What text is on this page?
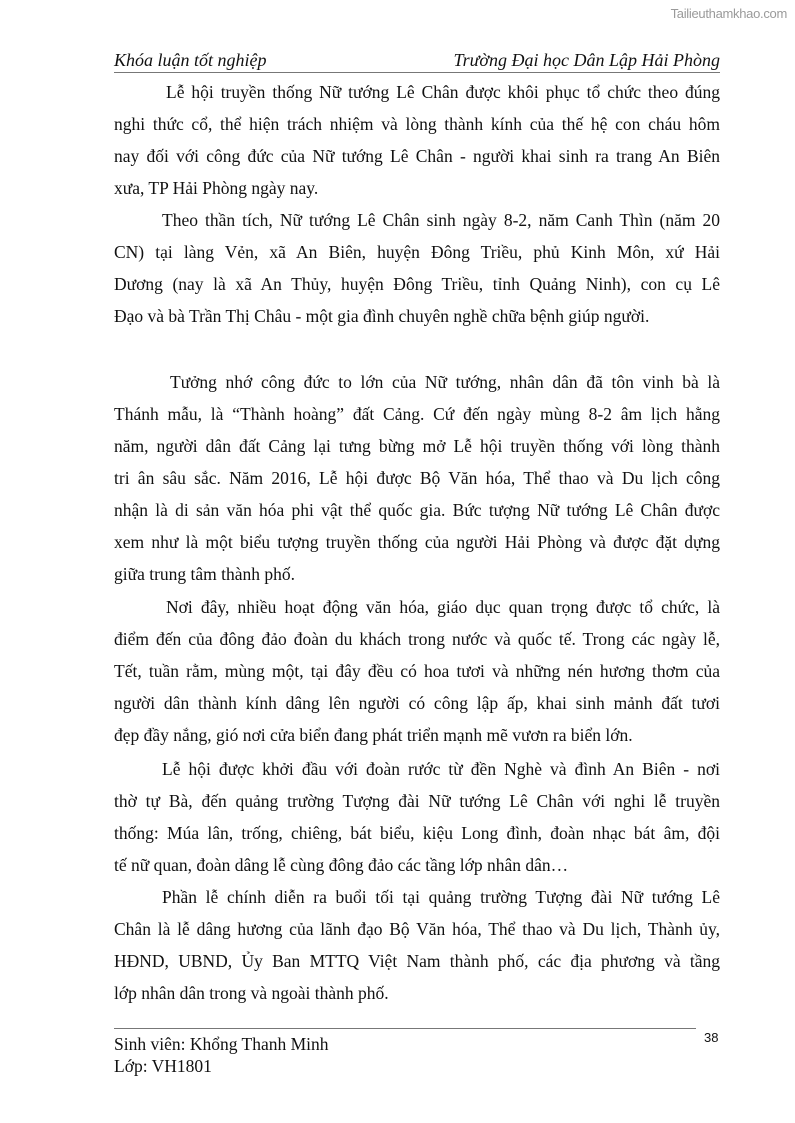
Tailieuthamkhao.com
Khóa luận tốt nghiệp	Trường Đại học Dân Lập Hải Phòng
Lễ hội truyền thống Nữ tướng Lê Chân được khôi phục tổ chức theo đúng
nghi thức cổ, thể hiện trách nhiệm và lòng thành kính của thế hệ con cháu hôm
nay đối với công đức của Nữ tướng Lê Chân - người khai sinh ra trang An Biên
xưa, TP Hải Phòng ngày nay.
Theo thần tích, Nữ tướng Lê Chân sinh ngày 8-2, năm Canh Thìn (năm 20
CN) tại làng Vẻn, xã An Biên, huyện Đông Triều, phủ Kinh Môn, xứ Hải
Dương (nay là xã An Thủy, huyện Đông Triều, tỉnh Quảng Ninh), con cụ Lê
Đạo và bà Trần Thị Châu - một gia đình chuyên nghề chữa bệnh giúp người.
Tưởng nhớ công đức to lớn của Nữ tướng, nhân dân đã tôn vinh bà là
Thánh mẫu, là “Thành hoàng” đất Cảng. Cứ đến ngày mùng 8-2 âm lịch hằng
năm, người dân đất Cảng lại tưng bừng mở Lễ hội truyền thống với lòng thành
tri ân sâu sắc. Năm 2016, Lễ hội được Bộ Văn hóa, Thể thao và Du lịch công
nhận là di sản văn hóa phi vật thể quốc gia. Bức tượng Nữ tướng Lê Chân được
xem như là một biểu tượng truyền thống của người Hải Phòng và được đặt dựng
giữa trung tâm thành phố.
Nơi đây, nhiều hoạt động văn hóa, giáo dục quan trọng được tổ chức, là
điểm đến của đông đảo đoàn du khách trong nước và quốc tế. Trong các ngày lễ,
Tết, tuần rằm, mùng một, tại đây đều có hoa tươi và những nén hương thơm của
người dân thành kính dâng lên người có công lập ấp, khai sinh mảnh đất tươi
đẹp đầy nắng, gió nơi cửa biển đang phát triển mạnh mẽ vươn ra biển lớn.
Lễ hội được khởi đầu với đoàn rước từ đền Nghè và đình An Biên - nơi
thờ tự Bà, đến quảng trường Tượng đài Nữ tướng Lê Chân với nghi lễ truyền
thống: Múa lân, trống, chiêng, bát biểu, kiệu Long đình, đoàn nhạc bát âm, đội
tế nữ quan, đoàn dâng lễ cùng đông đảo các tầng lớp nhân dân…
Phần lễ chính diễn ra buổi tối tại quảng trường Tượng đài Nữ tướng Lê
Chân là lễ dâng hương của lãnh đạo Bộ Văn hóa, Thể thao và Du lịch, Thành ủy,
HĐND, UBND, Ủy Ban MTTQ Việt Nam thành phố, các địa phương và tầng
lớp nhân dân trong và ngoài thành phố.
Sinh viên: Khổng Thanh Minh
Lớp: VH1801
38
